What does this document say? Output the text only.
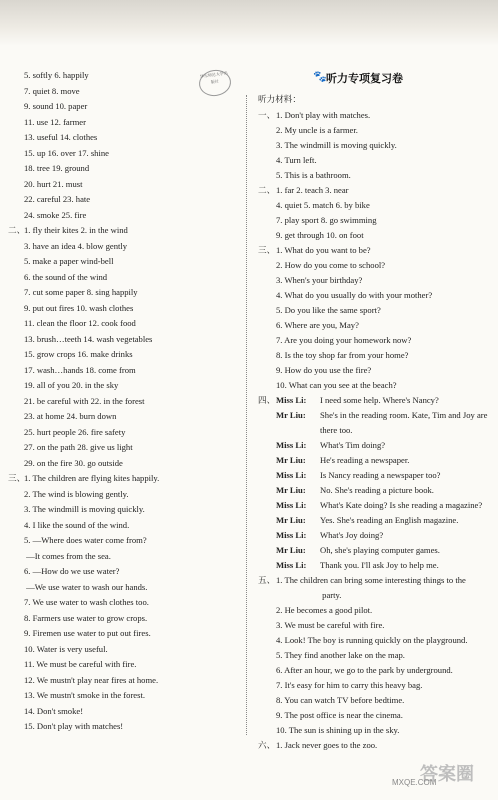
华东师范大学出版社	🐾 听力专项复习卷
5. softly 6. happily
7. quiet 8. move
9. sound 10. paper
11. use 12. farmer
13. useful 14. clothes
15. up 16. over 17. shine
18. tree 19. ground
20. hurt 21. must
22. careful 23. hate
24. smoke 25. fire
二、1. fly their kites 2. in the wind
3. have an idea 4. blow gently
5. make a paper wind-bell
6. the sound of the wind
7. cut some paper 8. sing happily
9. put out fires 10. wash clothes
11. clean the floor 12. cook food
13. brush…teeth 14. wash vegetables
15. grow crops 16. make drinks
17. wash…hands 18. come from
19. all of you 20. in the sky
21. be careful with 22. in the forest
23. at home 24. burn down
25. hurt people 26. fire safety
27. on the path 28. give us light
29. on the fire 30. go outside
三、1. The children are flying kites happily.
2. The wind is blowing gently.
3. The windmill is moving quickly.
4. I like the sound of the wind.
5. —Where does water come from?
—It comes from the sea.
6. —How do we use water?
—We use water to wash our hands.
7. We use water to wash clothes too.
8. Farmers use water to grow crops.
9. Firemen use water to put out fires.
10. Water is very useful.
11. We must be careful with fire.
12. We mustn't play near fires at home.
13. We mustn't smoke in the forest.
14. Don't smoke!
15. Don't play with matches!
一、1. Don't play with matches.
2. My uncle is a farmer.
3. The windmill is moving quickly.
4. Turn left.
5. This is a bathroom.
二、1. far 2. teach 3. near
4. quiet 5. match 6. by bike
7. play sport 8. go swimming
9. get through 10. on foot
三、1. What do you want to be?
2. How do you come to school?
3. When's your birthday?
4. What do you usually do with your mother?
5. Do you like the same sport?
6. Where are you, May?
7. Are you doing your homework now?
8. Is the toy shop far from your home?
9. How do you use the fire?
10. What can you see at the beach?
四、Miss Li: I need some help. Where's Nancy?
Mr Liu: She's in the reading room. Kate, Tim and Joy are
there too.
Miss Li: What's Tim doing?
Mr Liu: He's reading a newspaper.
Miss Li: Is Nancy reading a newspaper too?
Mr Liu: No. She's reading a picture book.
Miss Li: What's Kate doing? Is she reading a magazine?
Mr Liu: Yes. She's reading an English magazine.
Miss Li: What's Joy doing?
Mr Liu: Oh, she's playing computer games.
Miss Li: Thank you. I'll ask Joy to help me.
五、1. The children can bring some interesting things to the
party.
2. He becomes a good pilot.
3. We must be careful with fire.
4. Look! The boy is running quickly on the playground.
5. They find another lake on the map.
6. After an hour, we go to the park by underground.
7. It's easy for him to carry this heavy bag.
8. You can watch TV before bedtime.
9. The post office is near the cinema.
10. The sun is shining up in the sky.
六、1. Jack never goes to the zoo.
听力材料：
答案圈
MXQE.COM
